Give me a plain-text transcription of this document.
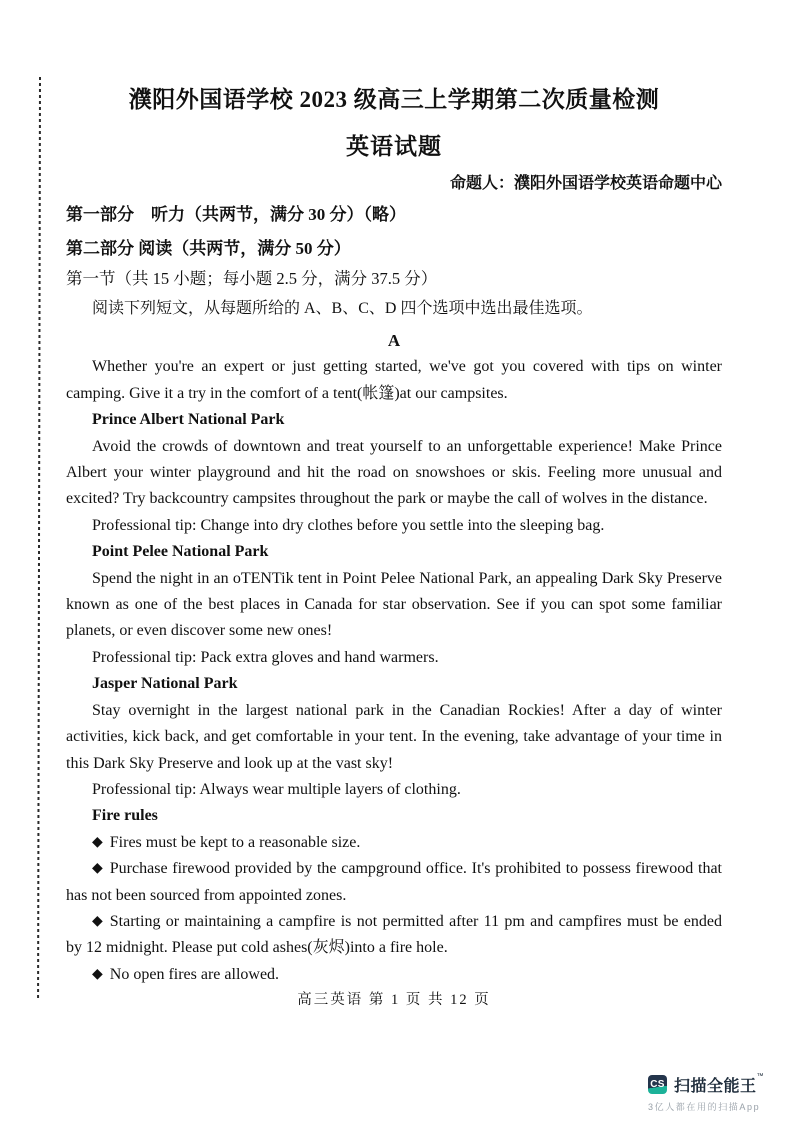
濮阳外国语学校 2023 级高三上学期第二次质量检测
英语试题
命题人：濮阳外国语学校英语命题中心
第一部分　听力（共两节，满分 30 分）（略）
第二部分 阅读（共两节，满分 50 分）
第一节（共 15 小题；每小题 2.5 分，满分 37.5 分）
阅读下列短文，从每题所给的 A、B、C、D 四个选项中选出最佳选项。
A

Whether you're an expert or just getting started, we've got you covered with tips on winter camping. Give it a try in the comfort of a tent(帐篷)at our campsites.

Prince Albert National Park

Avoid the crowds of downtown and treat yourself to an unforgettable experience! Make Prince Albert your winter playground and hit the road on snowshoes or skis. Feeling more unusual and excited? Try backcountry campsites throughout the park or maybe the call of wolves in the distance.

Professional tip: Change into dry clothes before you settle into the sleeping bag.

Point Pelee National Park

Spend the night in an oTENTik tent in Point Pelee National Park, an appealing Dark Sky Preserve known as one of the best places in Canada for star observation. See if you can spot some familiar planets, or even discover some new ones!

Professional tip: Pack extra gloves and hand warmers.

Jasper National Park

Stay overnight in the largest national park in the Canadian Rockies! After a day of winter activities, kick back, and get comfortable in your tent. In the evening, take advantage of your time in this Dark Sky Preserve and look up at the vast sky!

Professional tip: Always wear multiple layers of clothing.

Fire rules

◆ Fires must be kept to a reasonable size.

◆ Purchase firewood provided by the campground office. It's prohibited to possess firewood that has not been sourced from appointed zones.

◆ Starting or maintaining a campfire is not permitted after 11 pm and campfires must be ended by 12 midnight. Please put cold ashes(灰烬)into a fire hole.

◆ No open fires are allowed.

高三英语 第 1 页 共 12 页
CS 扫描全能王
™
3亿人都在用的扫描App
